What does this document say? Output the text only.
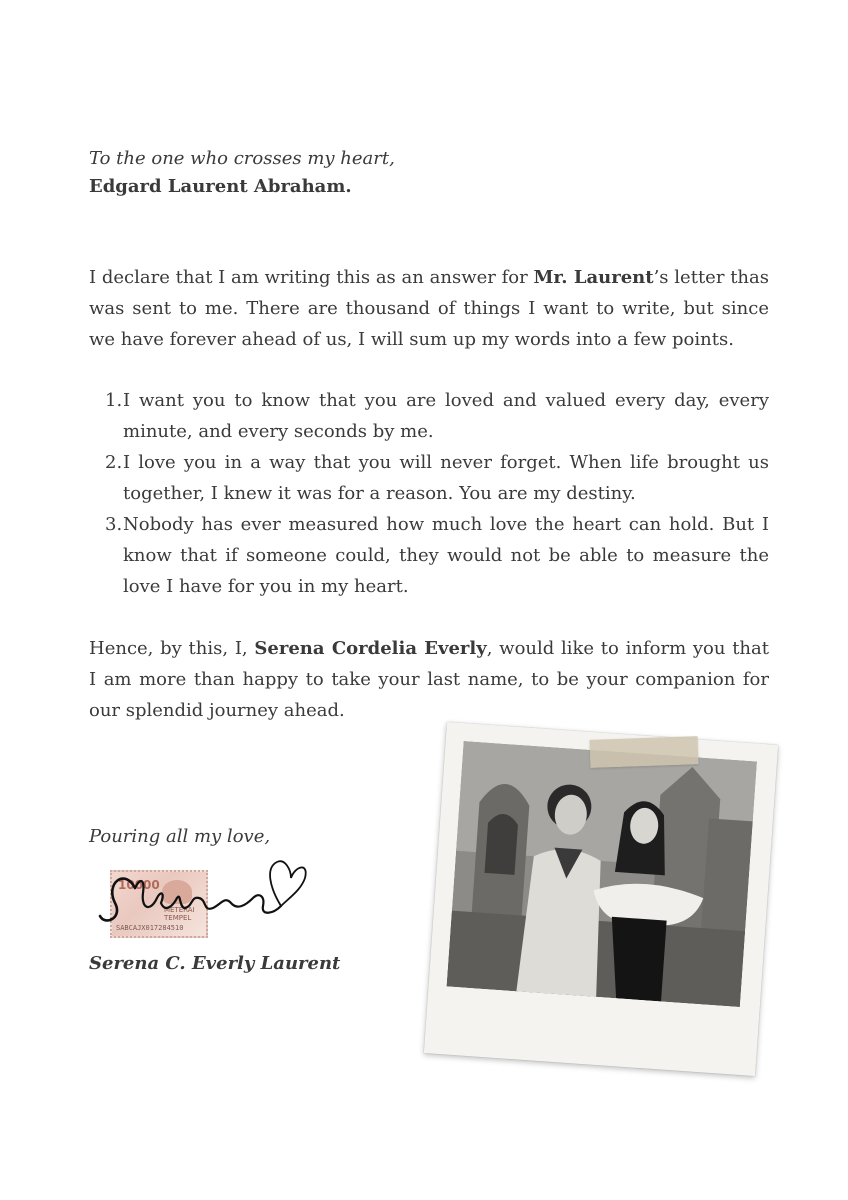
To the one who crosses my heart,
Edgard Laurent Abraham.
I declare that I am writing this as an answer for Mr. Laurent’s letter thas was sent to me. There are thousand of things I want to write, but since we have forever ahead of us, I will sum up my words into a few points.
1. I want you to know that you are loved and valued every day, every minute, and every seconds by me.
2. I love you in a way that you will never forget. When life brought us together, I knew it was for a reason. You are my destiny.
3. Nobody has ever measured how much love the heart can hold. But I know that if someone could, they would not be able to measure the love I have for you in my heart.
Hence, by this, I, Serena Cordelia Everly, would like to inform you that I am more than happy to take your last name, to be your companion for our splendid journey ahead.
Pouring all my love,
10000
METERAI TEMPEL
SABCAJX017284510
Serena C. Everly Laurent
